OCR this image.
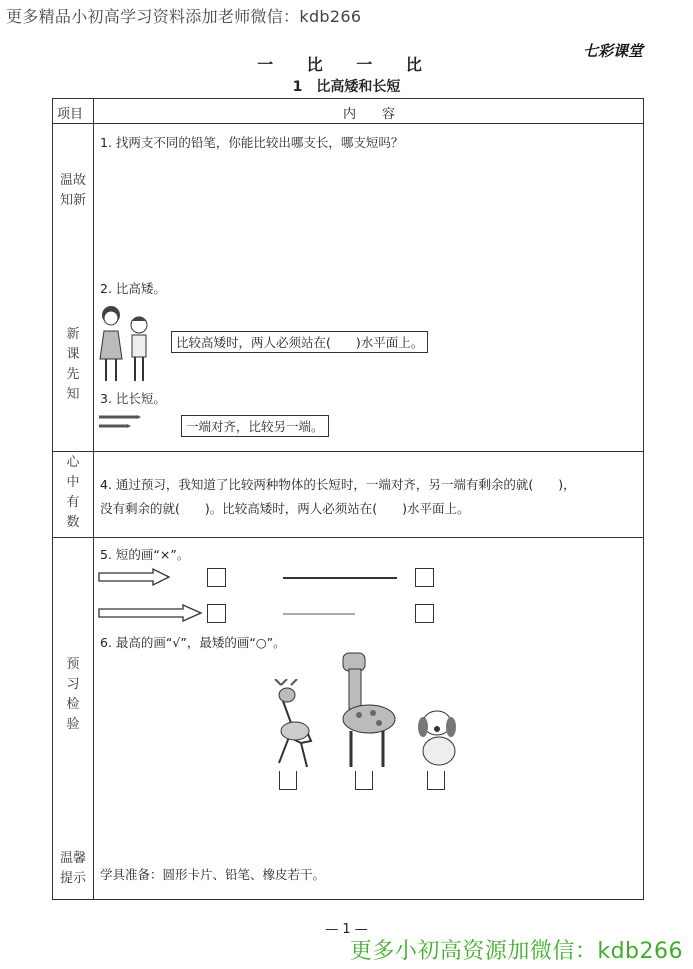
更多精品小初高学习资料添加老师微信：kdb266
七彩课堂
一 比 一 比
1　比高矮和长短
项目	内　　容
温故
知新
1. 找两支不同的铅笔，你能比较出哪支长，哪支短吗？
新
课
先
知
2. 比高矮。
比较高矮时，两人必须站在(　　)水平面上。
3. 比长短。
一端对齐，比较另一端。
心
中
有
数
4. 通过预习，我知道了比较两种物体的长短时，一端对齐，另一端有剩余的就(　　)，
没有剩余的就(　　)。比较高矮时，两人必须站在(　　)水平面上。
预
习
检
验
5. 短的画“×”。
6. 最高的画“√”，最矮的画“○”。
温馨
提示	学具准备：圆形卡片、铅笔、橡皮若干。
— 1 —
更多小初高资源加微信：kdb266
